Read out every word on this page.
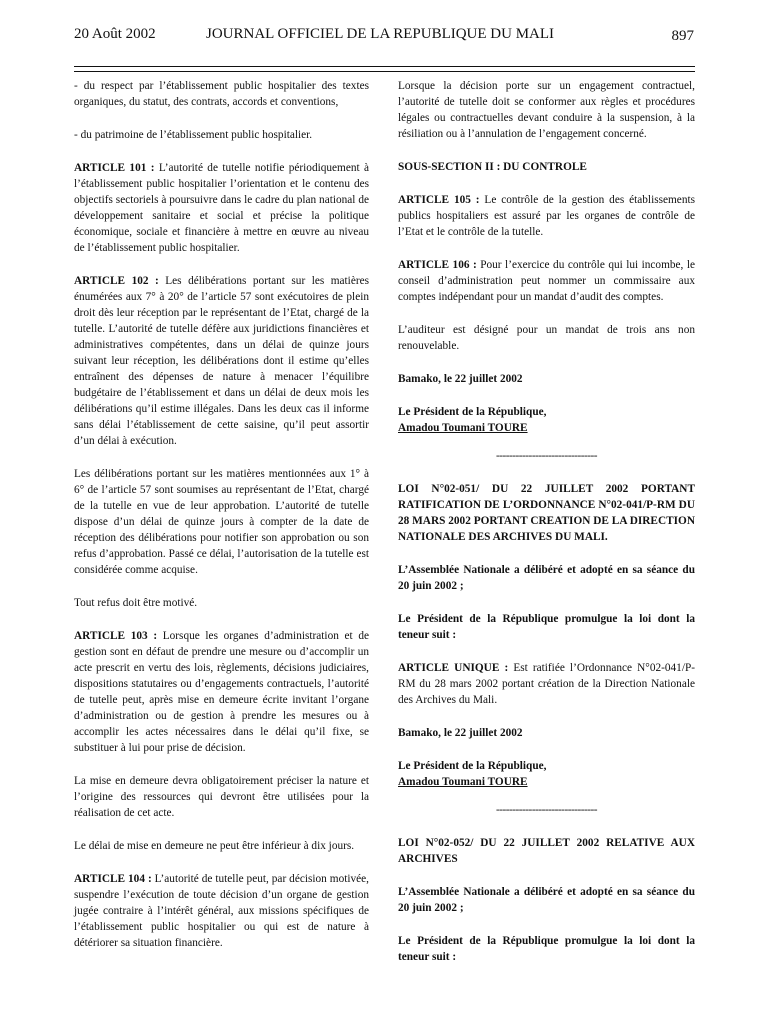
20 Août 2002	JOURNAL OFFICIEL DE LA REPUBLIQUE DU MALI	897

- du respect par l’établissement public hospitalier des textes organiques, du statut, des contrats, accords et conventions,

- du patrimoine de l’établissement public hospitalier.

ARTICLE 101 : L’autorité de tutelle notifie périodiquement à l’établissement public hospitalier l’orientation et le contenu des objectifs sectoriels à poursuivre dans le cadre du plan national de développement sanitaire et social et précise la politique économique, sociale et financière à mettre en œuvre au niveau de l’établissement public hospitalier.

ARTICLE 102 : Les délibérations portant sur les matières énumérées aux 7° à 20° de l’article 57 sont exécutoires de plein droit dès leur réception par le représentant de l’Etat, chargé de la tutelle. L’autorité de tutelle défère aux juridictions financières et administratives compétentes, dans un délai de quinze jours suivant leur réception, les délibérations dont il estime qu’elles entraînent des dépenses de nature à menacer l’équilibre budgétaire de l’établissement et dans un délai de deux mois les délibérations qu’il estime illégales. Dans les deux cas il informe sans délai l’établissement de cette saisine, qu’il peut assortir d’un délai à exécution.

Les délibérations portant sur les matières mentionnées aux 1° à 6° de l’article 57 sont soumises au représentant de l’Etat, chargé de la tutelle en vue de leur approbation. L’autorité de tutelle dispose d’un délai de quinze jours à compter de la date de réception des délibérations pour notifier son approbation ou son refus d’approbation. Passé ce délai, l’autorisation de la tutelle est considérée comme acquise.

Tout refus doit être motivé.

ARTICLE 103 : Lorsque les organes d’administration et de gestion sont en défaut de prendre une mesure ou d’accomplir un acte prescrit en vertu des lois, règlements, décisions judiciaires, dispositions statutaires ou d’engagements contractuels, l’autorité de tutelle peut, après mise en demeure écrite invitant l’organe d’administration ou de gestion à prendre les mesures ou à accomplir les actes nécessaires dans le délai qu’il fixe, se substituer à lui pour prise de décision.

La mise en demeure devra obligatoirement préciser la nature et l’origine des ressources qui devront être utilisées pour la réalisation de cet acte.

Le délai de mise en demeure ne peut être inférieur à dix jours.

ARTICLE 104 : L’autorité de tutelle peut, par décision motivée, suspendre l’exécution de toute décision d’un organe de gestion jugée contraire à l’intérêt général, aux missions spécifiques de l’établissement public hospitalier ou qui est de nature à détériorer sa situation financière.

Lorsque la décision porte sur un engagement contractuel, l’autorité de tutelle doit se conformer aux règles et procédures légales ou contractuelles devant conduire à la suspension, à la résiliation ou à l’annulation de l’engagement concerné.

SOUS-SECTION II : DU CONTROLE

ARTICLE 105 : Le contrôle de la gestion des établissements publics hospitaliers est assuré par les organes de contrôle de l’Etat et le contrôle de la tutelle.

ARTICLE 106 : Pour l’exercice du contrôle qui lui incombe, le conseil d’administration peut nommer un commissaire aux comptes indépendant pour un mandat d’audit des comptes.

L’auditeur est désigné pour un mandat de trois ans non renouvelable.

Bamako, le 22 juillet 2002

Le Président de la République,
Amadou Toumani TOURE

-------------------------------

LOI N°02-051/ DU 22 JUILLET 2002 PORTANT RATIFICATION DE L’ORDONNANCE N°02-041/P-RM DU 28 MARS 2002 PORTANT CREATION DE LA DIRECTION NATIONALE DES ARCHIVES DU MALI.

L’Assemblée Nationale a délibéré et adopté en sa séance du 20 juin 2002 ;

Le Président de la République promulgue la loi dont la teneur suit :

ARTICLE UNIQUE : Est ratifiée l’Ordonnance N°02-041/P-RM du 28 mars 2002 portant création de la Direction Nationale des Archives du Mali.

Bamako, le 22 juillet 2002

Le Président de la République,
Amadou Toumani TOURE

-------------------------------

LOI N°02-052/ DU 22 JUILLET 2002 RELATIVE AUX ARCHIVES

L’Assemblée Nationale a délibéré et adopté en sa séance du 20 juin 2002 ;

Le Président de la République promulgue la loi dont la teneur suit :
